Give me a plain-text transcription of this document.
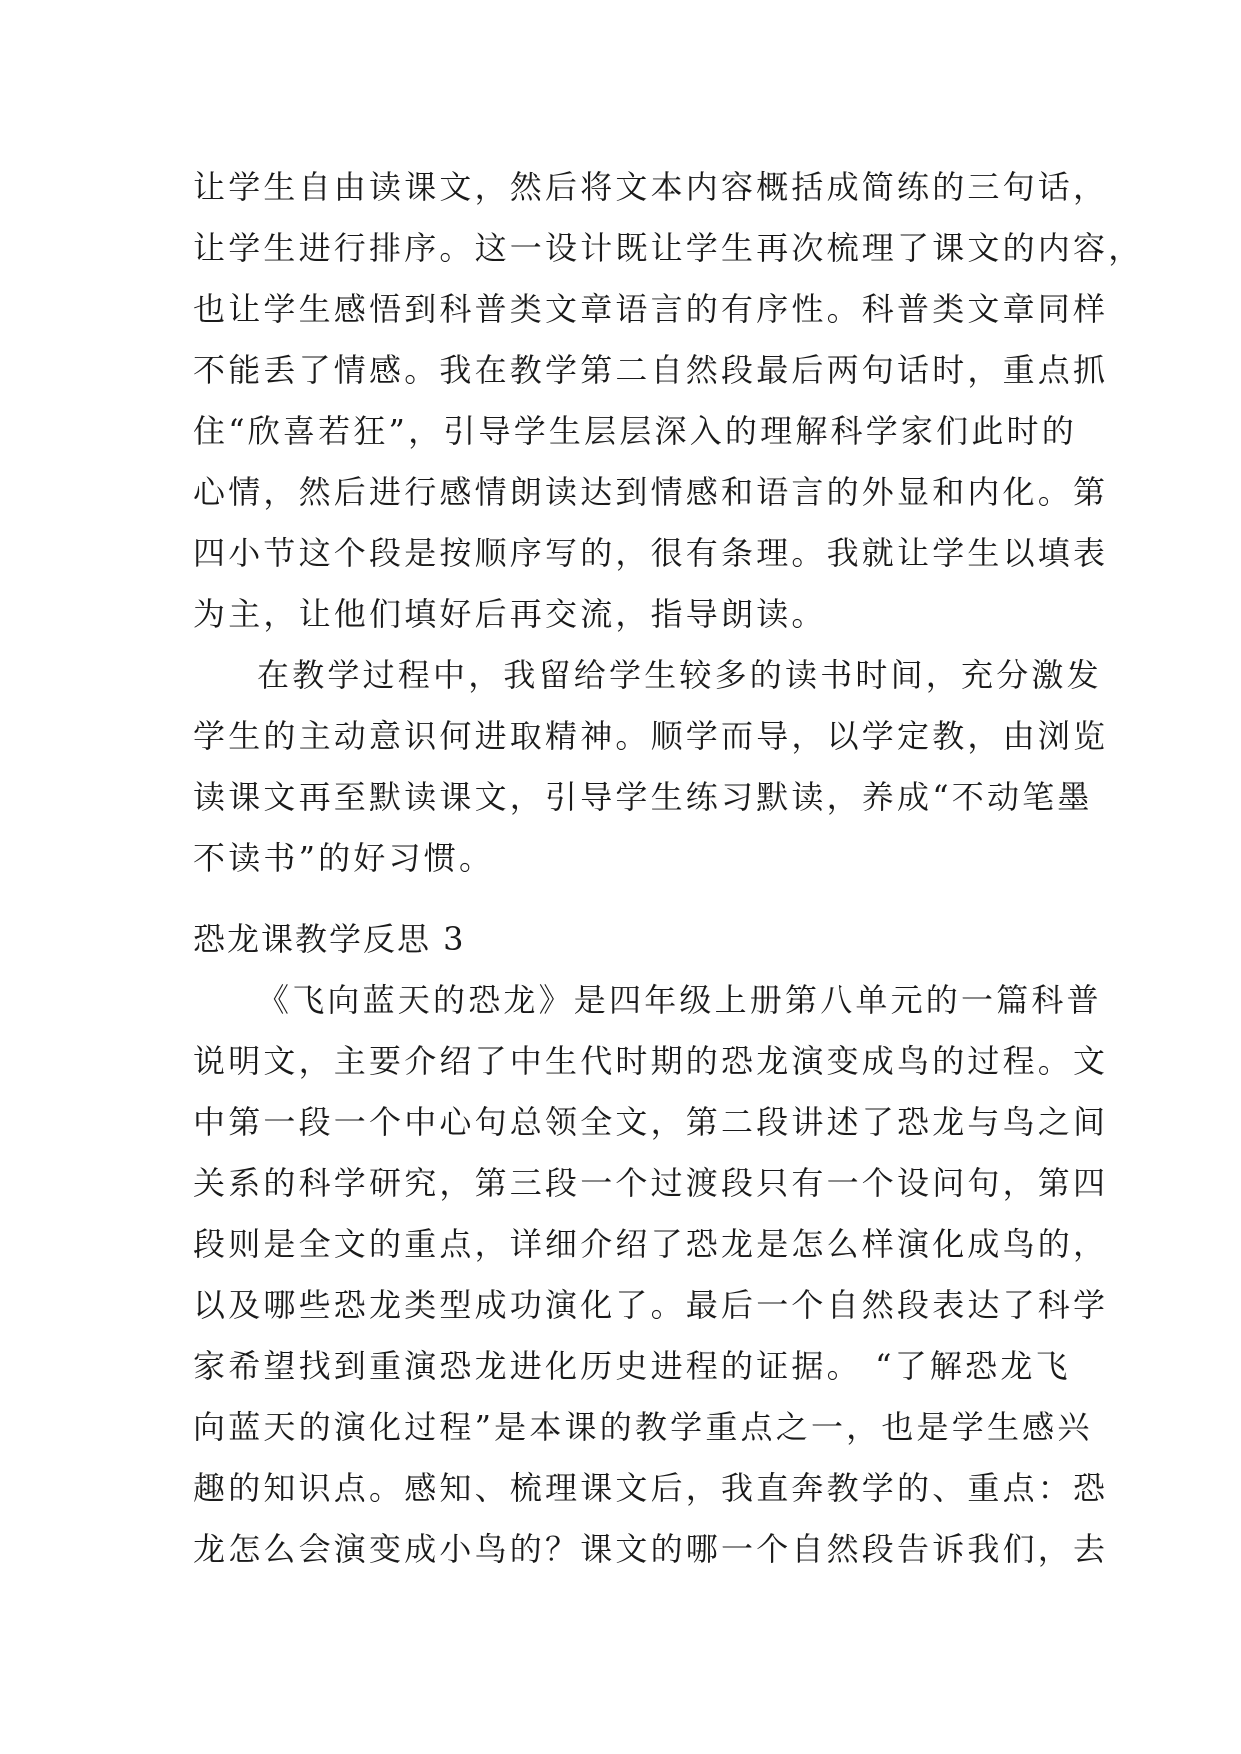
让学生自由读课文，然后将文本内容概括成简练的三句话，
让学生进行排序。这一设计既让学生再次梳理了课文的内容，
也让学生感悟到科普类文章语言的有序性。科普类文章同样
不能丢了情感。我在教学第二自然段最后两句话时，重点抓
住“欣喜若狂”，引导学生层层深入的理解科学家们此时的
心情，然后进行感情朗读达到情感和语言的外显和内化。第
四小节这个段是按顺序写的，很有条理。我就让学生以填表
为主，让他们填好后再交流，指导朗读。
在教学过程中，我留给学生较多的读书时间，充分激发
学生的主动意识何进取精神。顺学而导，以学定教，由浏览
读课文再至默读课文，引导学生练习默读，养成“不动笔墨
不读书”的好习惯。
恐龙课教学反思 3
《飞向蓝天的恐龙》是四年级上册第八单元的一篇科普
说明文，主要介绍了中生代时期的恐龙演变成鸟的过程。文
中第一段一个中心句总领全文，第二段讲述了恐龙与鸟之间
关系的科学研究，第三段一个过渡段只有一个设问句，第四
段则是全文的重点，详细介绍了恐龙是怎么样演化成鸟的，
以及哪些恐龙类型成功演化了。最后一个自然段表达了科学
家希望找到重演恐龙进化历史进程的证据。 “了解恐龙飞
向蓝天的演化过程”是本课的教学重点之一，也是学生感兴
趣的知识点。感知、梳理课文后，我直奔教学的、重点：恐
龙怎么会演变成小鸟的？课文的哪一个自然段告诉我们，去
